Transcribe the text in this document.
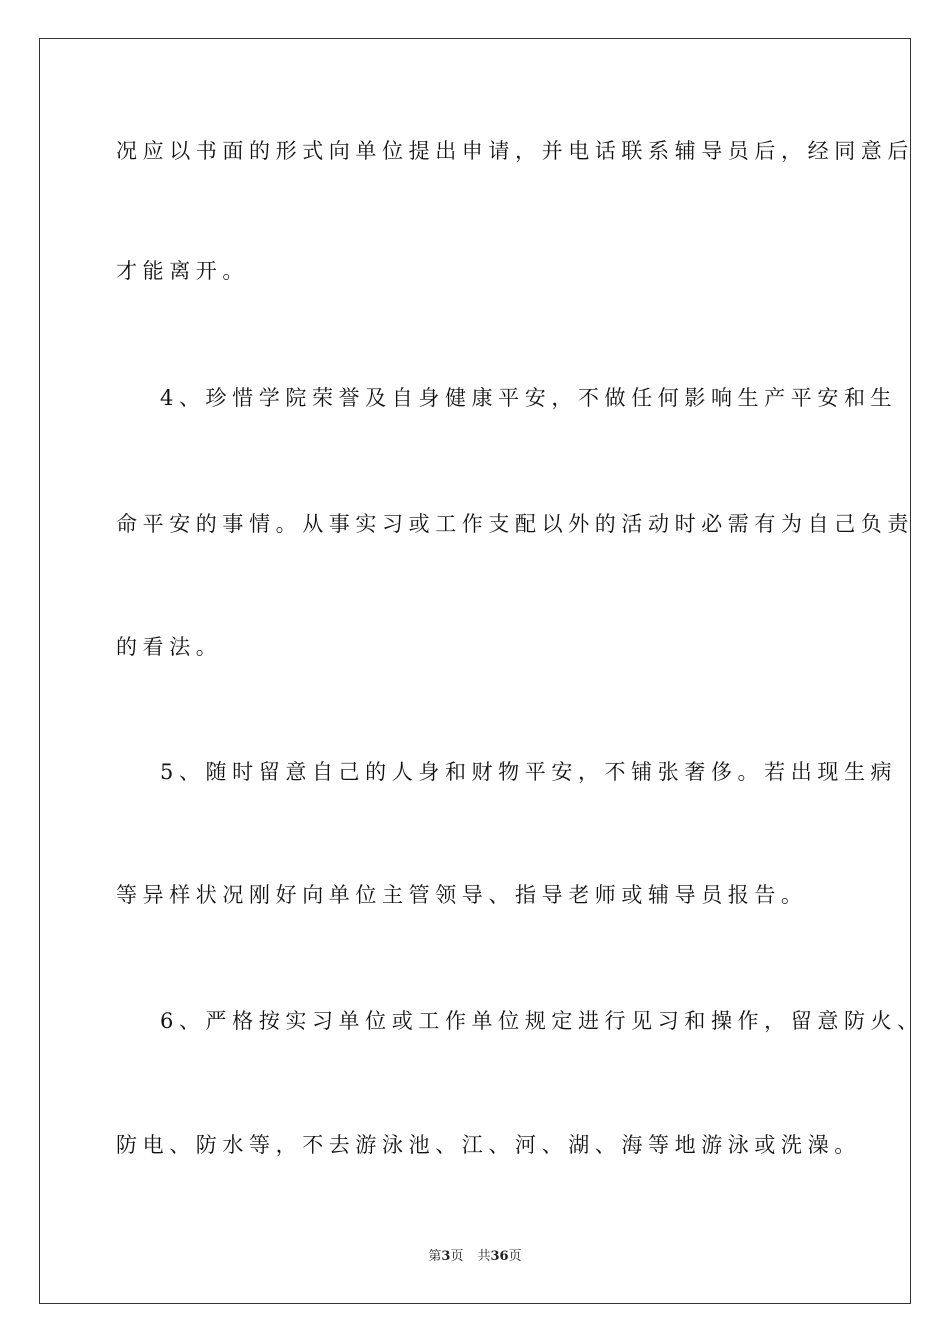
况应以书面的形式向单位提出申请，并电话联系辅导员后，经同意后
才能离开。
4、珍惜学院荣誉及自身健康平安，不做任何影响生产平安和生
命平安的事情。从事实习或工作支配以外的活动时必需有为自己负责
的看法。
5、随时留意自己的人身和财物平安，不铺张奢侈。若出现生病
等异样状况刚好向单位主管领导、指导老师或辅导员报告。
6、严格按实习单位或工作单位规定进行见习和操作，留意防火、
防电、防水等，不去游泳池、江、河、湖、海等地游泳或洗澡。
第3页 共36页
